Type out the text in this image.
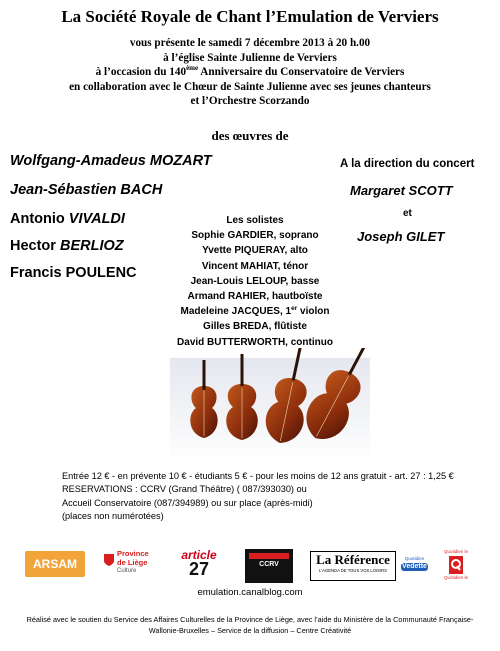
La Société Royale de Chant l’Emulation de Verviers
vous présente le samedi 7 décembre 2013 à 20 h.00
à l’église Sainte Julienne de Verviers
à l’occasion du 140ème Anniversaire du Conservatoire de Verviers
en collaboration avec le Chœur de Sainte Julienne avec ses jeunes chanteurs
et l’Orchestre Scorzando
des œuvres de
Wolfgang-Amadeus MOZART
Jean-Sébastien BACH
Antonio VIVALDI
Hector BERLIOZ
Francis POULENC
A la direction du concert
Margaret SCOTT
et
Joseph GILET
Les solistes
Sophie GARDIER, soprano
Yvette PIQUERAY, alto
Vincent MAHIAT, ténor
Jean-Louis LELOUP, basse
Armand RAHIER, hautboïste
Madeleine JACQUES, 1er violon
Gilles BREDA, flûtiste
David BUTTERWORTH, continuo
Entrée 12 € - en prévente 10 € - étudiants 5 € - pour les moins de 12 ans gratuit - art. 27 : 1,25 €
RESERVATIONS : CCRV (Grand Théâtre) ( 087/393030) ou
Accueil Conservatoire (087/394989) ou sur place (après-midi)
(places non numérotées)
ARSAM
Province
de Liège
Culture
article
27	CCRV	La Référence
L'AGENDA DE TOUS VOS LOISIRS
Quotidien
Vedette
Quotidien le
Quotidien le
emulation.canalblog.com
Réalisé avec le soutien du Service des Affaires Culturelles de la Province de Liège, avec l’aide du Ministère de la Communauté Française-
Wallonie-Bruxelles – Service de la diffusion – Centre Créativité
